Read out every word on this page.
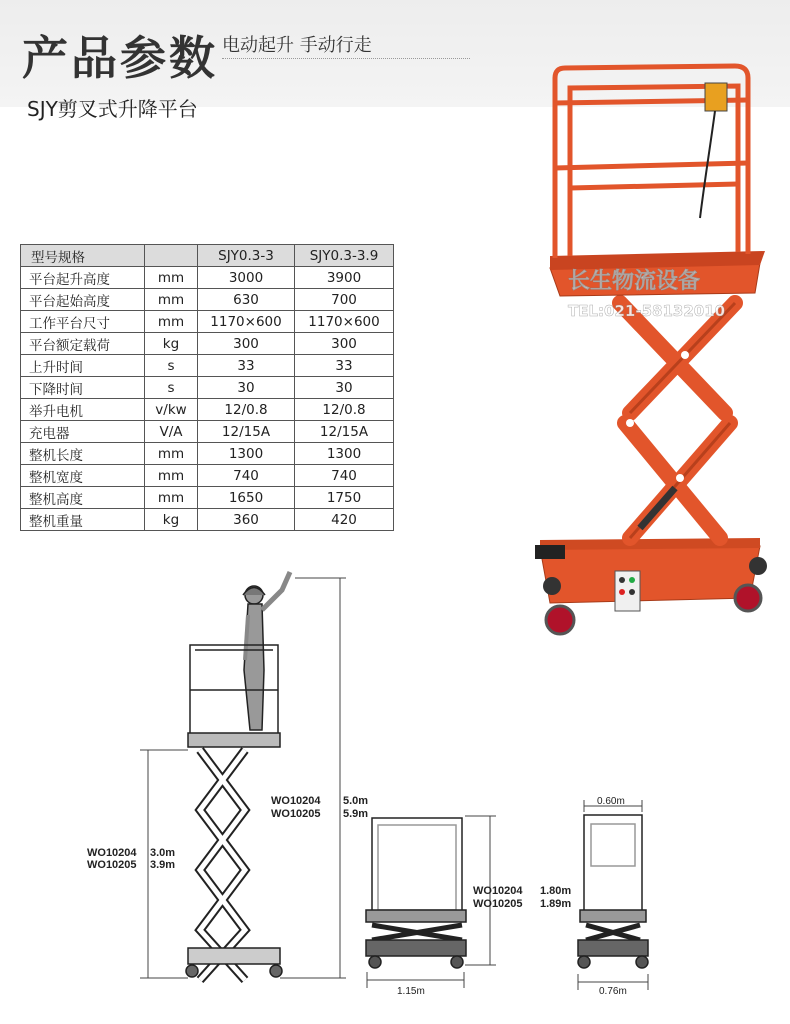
产品参数 电动起升 手动行走
SJY剪叉式升降平台
型号规格		SJY0.3-3	SJY0.3-3.9
平台起升高度	mm	3000	3900
平台起始高度	mm	630	700
工作平台尺寸	mm	1170×600	1170×600
平台额定载荷	kg	300	300
上升时间	s	33	33
下降时间	s	30	30
举升电机	v/kw	12/0.8	12/0.8
充电器	V/A	12/15A	12/15A
整机长度	mm	1300	1300
整机宽度	mm	740	740
整机高度	mm	1650	1750
整机重量	kg	360	420
长生物流设备
TEL:021-58132010
WO10204 3.0m
WO10205 3.9m
WO10204 5.0m
WO10205 5.9m
WO10204 1.80m
WO10205 1.89m
1.15m
0.60m
0.76m
